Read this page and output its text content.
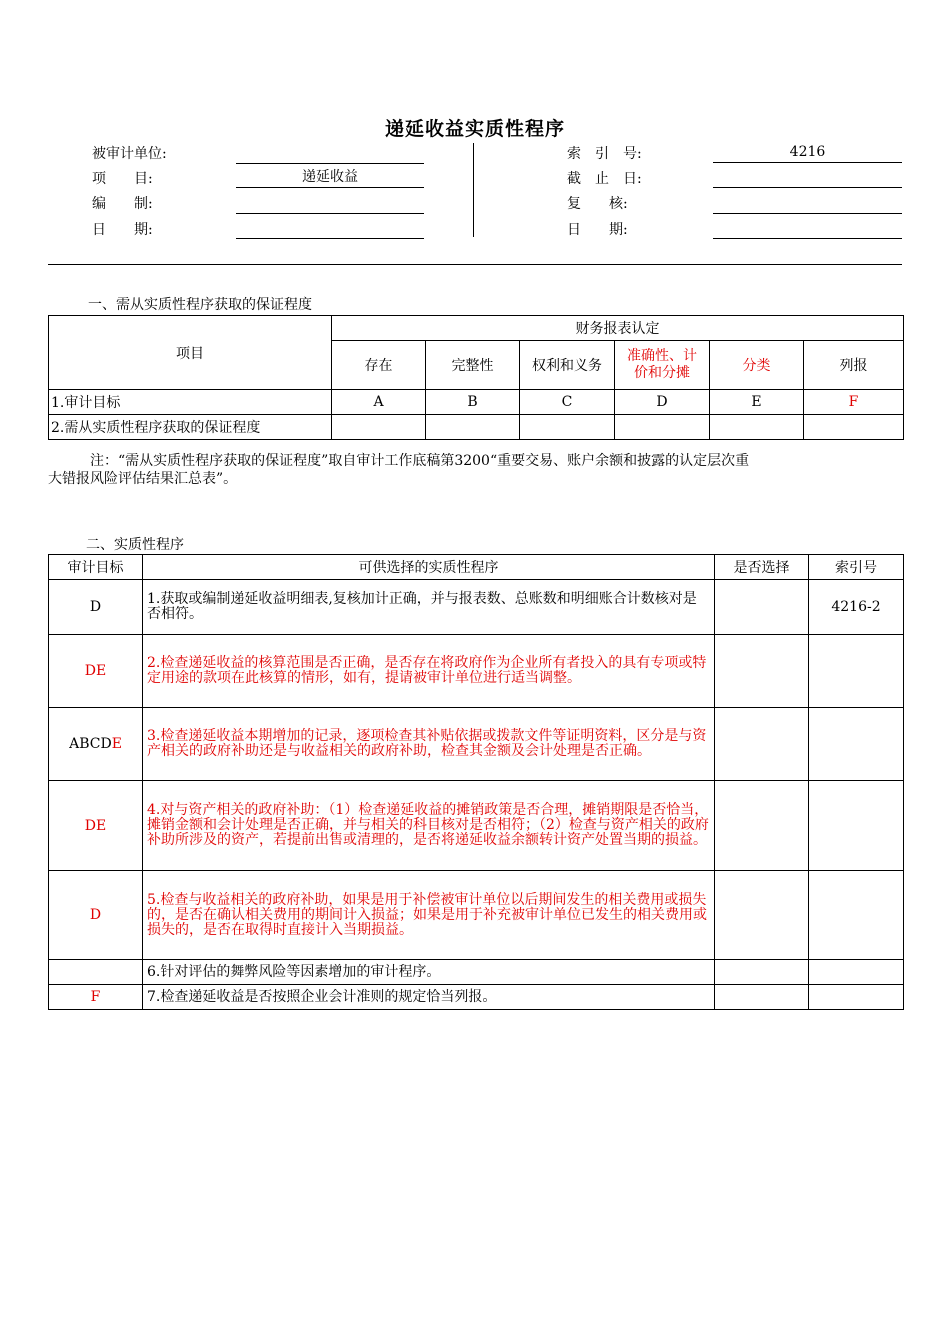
递延收益实质性程序
被审计单位:
项　　目:	递延收益
编　　制:
日　　期:
索　引　号:	4216
截　止　日:
复　　核:
日　　期:
一、需从实质性程序获取的保证程度
项目	财务报表认定					
	存在	完整性	权利和义务	准确性、计价和分摊	分类	列报
1.审计目标	A	B	C	D	E	F
2.需从实质性程序获取的保证程度						
注：“需从实质性程序获取的保证程度”取自审计工作底稿第3200“重要交易、账户余额和披露的认定层次重
大错报风险评估结果汇总表”。
二、实质性程序
审计目标	可供选择的实质性程序	是否选择	索引号
D	1.获取或编制递延收益明细表,复核加计正确，并与报表数、总账数和明细账合计数核对是否相符。		4216-2
DE	2.检查递延收益的核算范围是否正确，是否存在将政府作为企业所有者投入的具有专项或特定用途的款项在此核算的情形，如有，提请被审计单位进行适当调整。		
ABCDE	3.检查递延收益本期增加的记录，逐项检查其补贴依据或拨款文件等证明资料，区分是与资产相关的政府补助还是与收益相关的政府补助，检查其金额及会计处理是否正确。		
DE	4.对与资产相关的政府补助：（1）检查递延收益的摊销政策是否合理，摊销期限是否恰当，摊销金额和会计处理是否正确，并与相关的科目核对是否相符；（2）检查与资产相关的政府补助所涉及的资产，若提前出售或清理的，是否将递延收益余额转计资产处置当期的损益。		
D	5.检查与收益相关的政府补助，如果是用于补偿被审计单位以后期间发生的相关费用或损失的，是否在确认相关费用的期间计入损益；如果是用于补充被审计单位已发生的相关费用或损失的，是否在取得时直接计入当期损益。		
	6.针对评估的舞弊风险等因素增加的审计程序。		
F	7.检查递延收益是否按照企业会计准则的规定恰当列报。		
